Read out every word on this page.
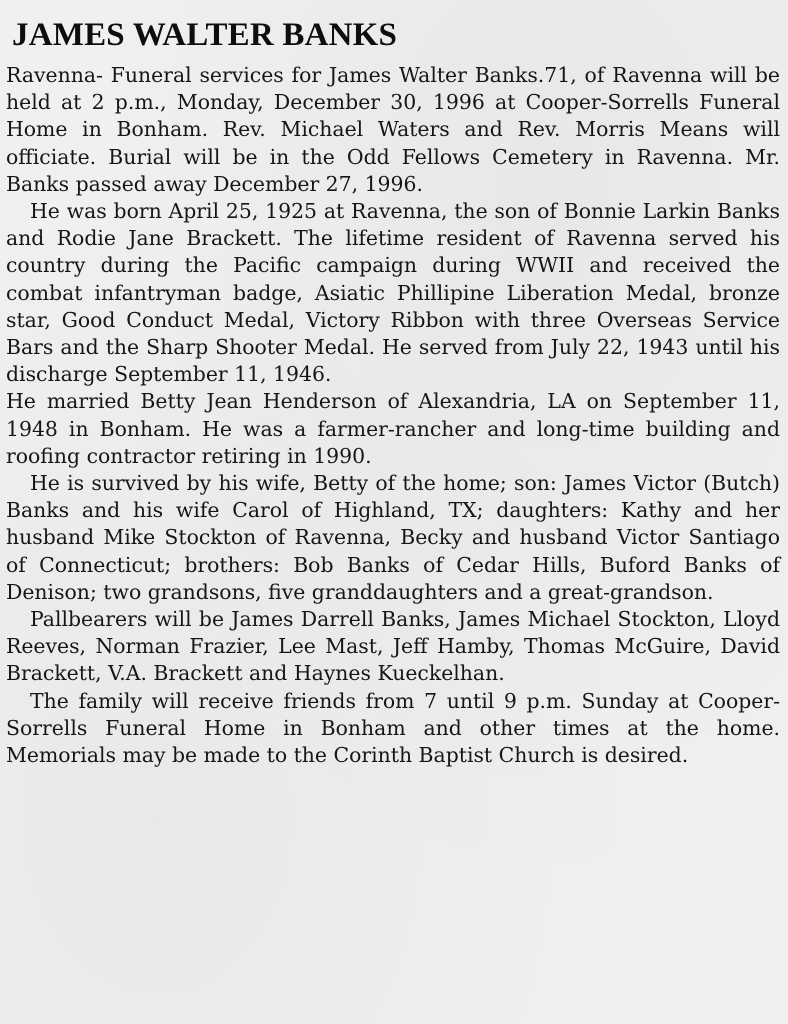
JAMES WALTER BANKS

Ravenna- Funeral services for James Walter Banks.71, of Ravenna will be held at 2 p.m., Monday, December 30, 1996 at Cooper-Sorrells Funeral Home in Bonham. Rev. Michael Waters and Rev. Morris Means will officiate. Burial will be in the Odd Fellows Cemetery in Ravenna. Mr. Banks passed away December 27, 1996.

He was born April 25, 1925 at Ravenna, the son of Bonnie Larkin Banks and Rodie Jane Brackett. The lifetime resident of Ravenna served his country during the Pacific campaign during WWII and received the combat infantryman badge, Asiatic Phillipine Liberation Medal, bronze star, Good Conduct Medal, Victory Ribbon with three Overseas Service Bars and the Sharp Shooter Medal. He served from July 22, 1943 until his discharge September 11, 1946.

He married Betty Jean Henderson of Alexandria, LA on September 11, 1948 in Bonham. He was a farmer-rancher and long-time building and roofing contractor retiring in 1990.

He is survived by his wife, Betty of the home; son: James Victor (Butch) Banks and his wife Carol of Highland, TX; daughters: Kathy and her husband Mike Stockton of Ravenna, Becky and husband Victor Santiago of Connecticut; brothers: Bob Banks of Cedar Hills, Buford Banks of Denison; two grandsons, five granddaughters and a great-grandson.

Pallbearers will be James Darrell Banks, James Michael Stockton, Lloyd Reeves, Norman Frazier, Lee Mast, Jeff Hamby, Thomas McGuire, David Brackett, V.A. Brackett and Haynes Kueckelhan.

The family will receive friends from 7 until 9 p.m. Sunday at Cooper-Sorrells Funeral Home in Bonham and other times at the home. Memorials may be made to the Corinth Baptist Church is desired.
